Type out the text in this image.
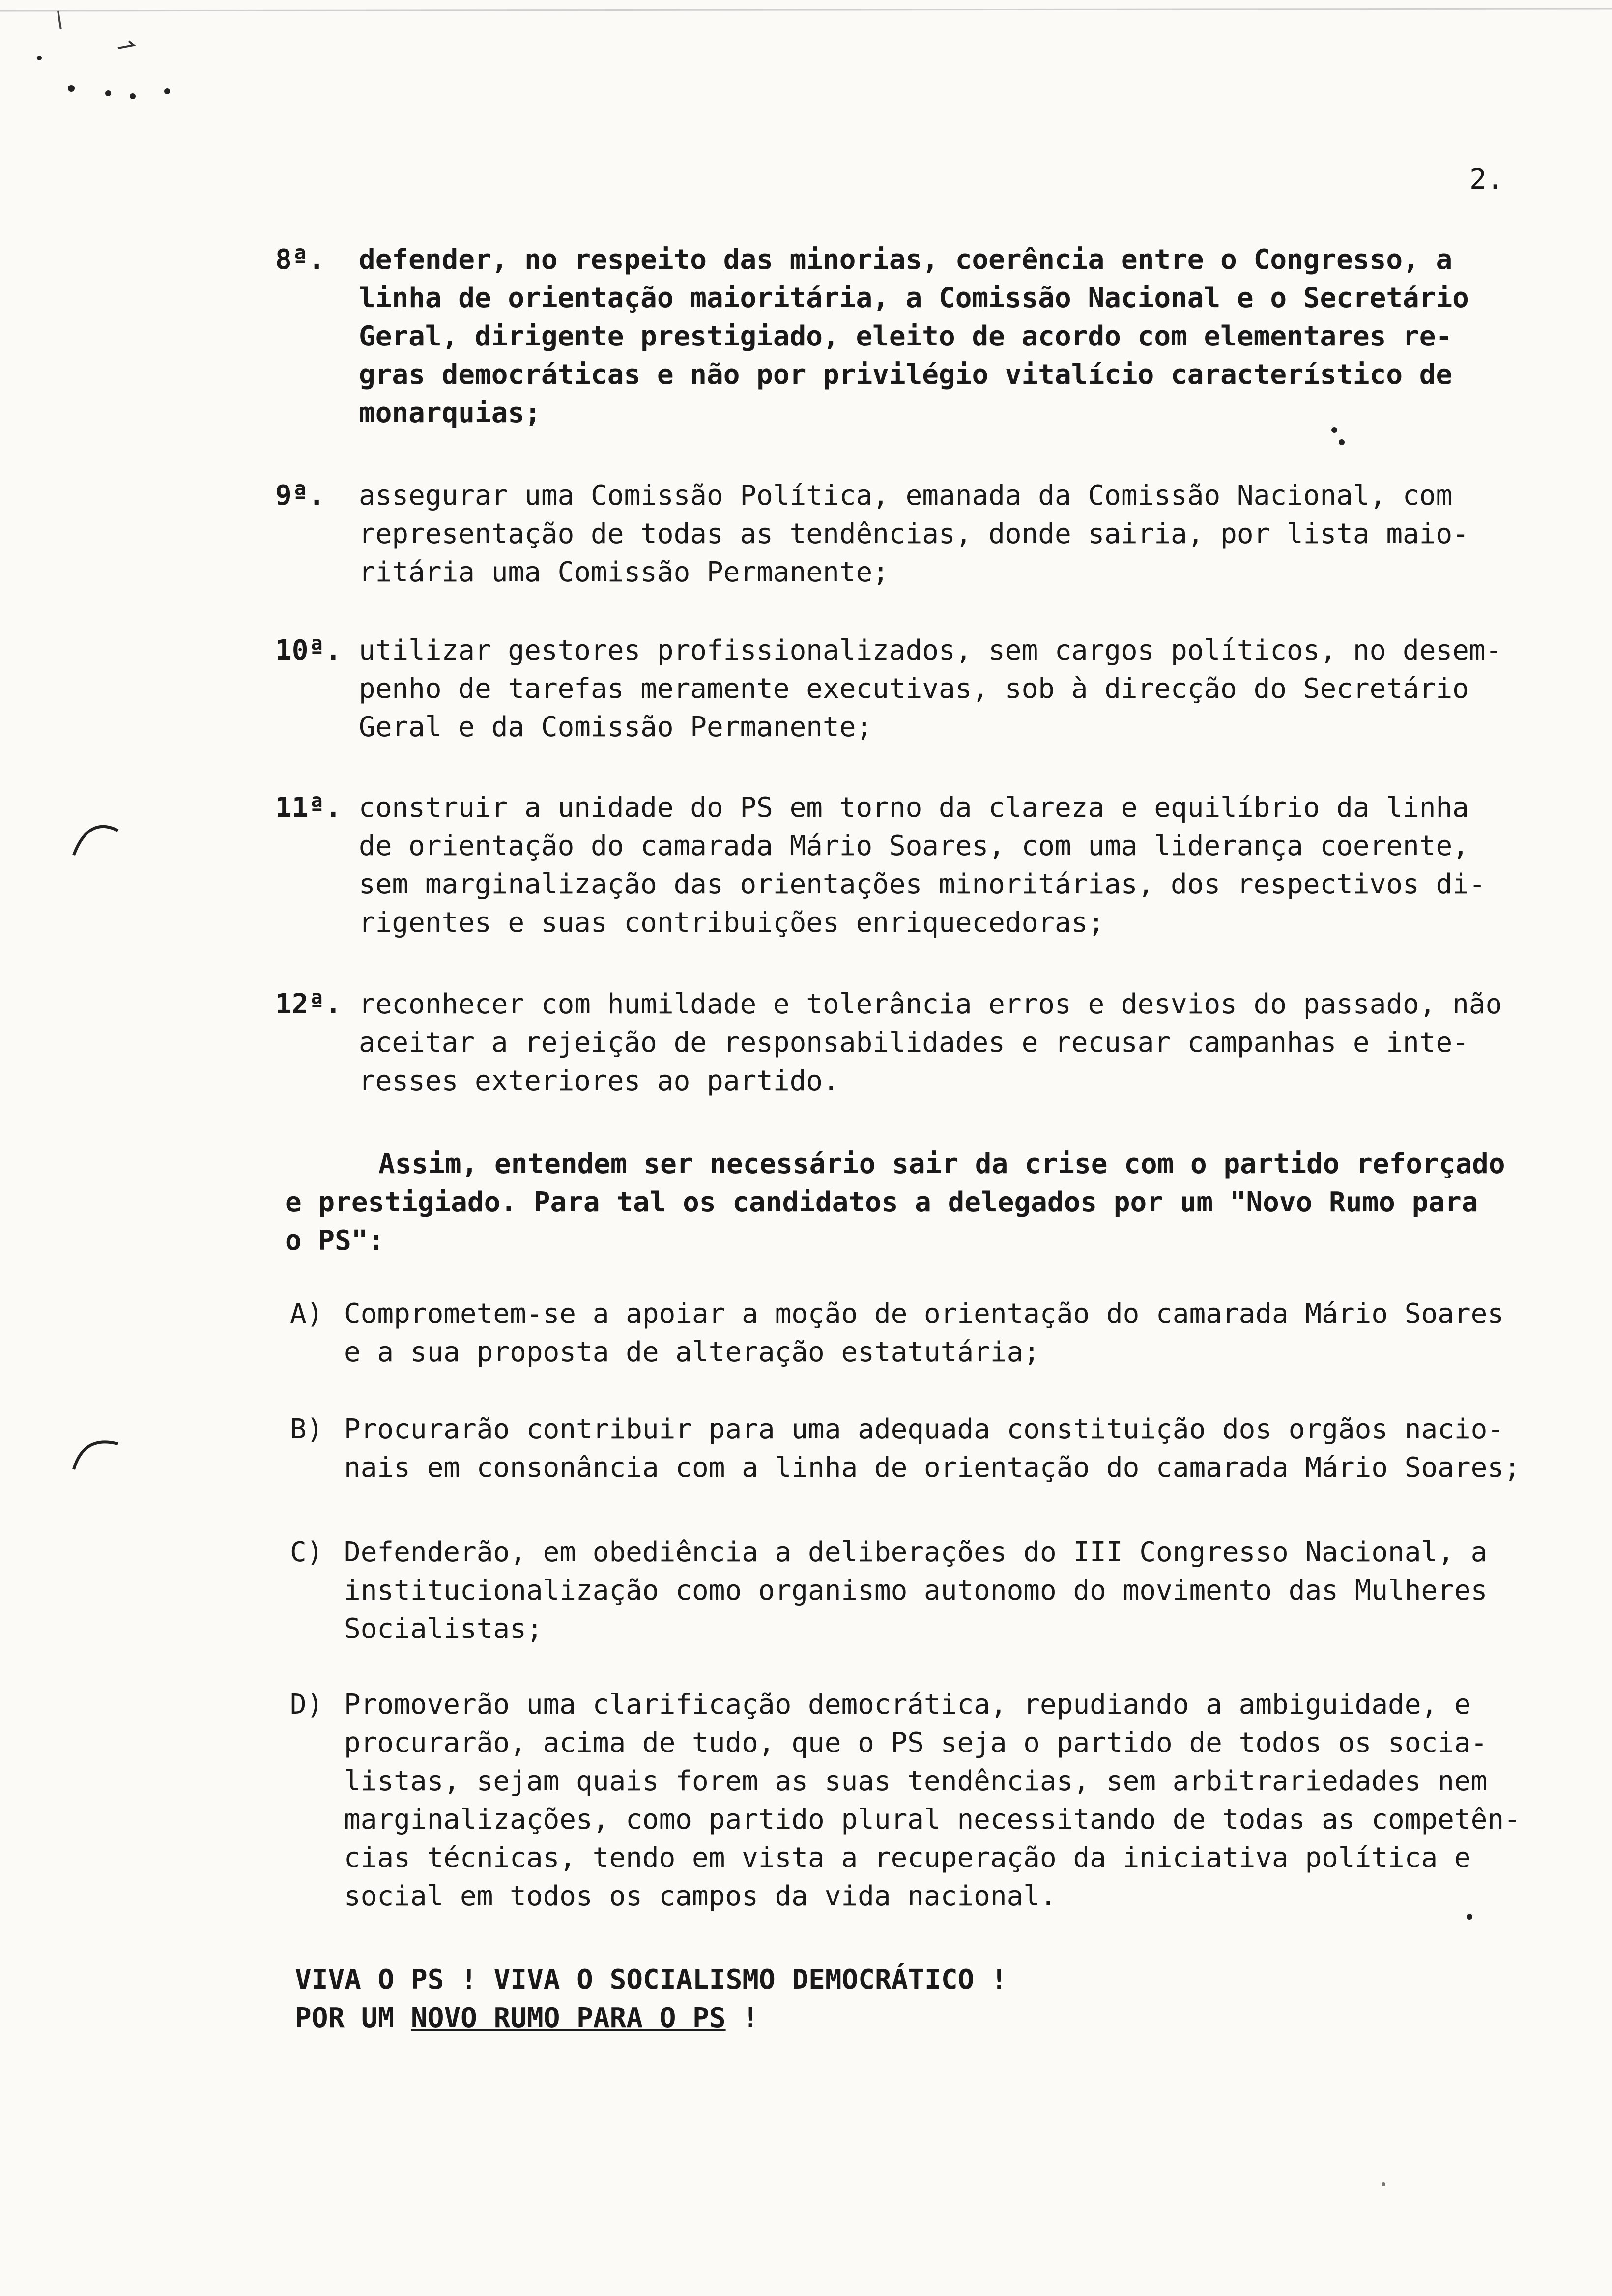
2.
8ª. defender, no respeito das minorias, coerência entre o Congresso, a
linha de orientação maioritária, a Comissão Nacional e o Secretário
Geral, dirigente prestigiado, eleito de acordo com elementares re-
gras democráticas e não por privilégio vitalício característico de
monarquias;
9ª. assegurar uma Comissão Política, emanada da Comissão Nacional, com
representação de todas as tendências, donde sairia, por lista maio-
ritária uma Comissão Permanente;
10ª. utilizar gestores profissionalizados, sem cargos políticos, no desem-
penho de tarefas meramente executivas, sob à direcção do Secretário
Geral e da Comissão Permanente;
11ª. construir a unidade do PS em torno da clareza e equilíbrio da linha
de orientação do camarada Mário Soares, com uma liderança coerente,
sem marginalização das orientações minoritárias, dos respectivos di-
rigentes e suas contribuições enriquecedoras;
12ª. reconhecer com humildade e tolerância erros e desvios do passado, não
aceitar a rejeição de responsabilidades e recusar campanhas e inte-
resses exteriores ao partido.
Assim, entendem ser necessário sair da crise com o partido reforçado
e prestigiado. Para tal os candidatos a delegados por um "Novo Rumo para
o PS":
A) Comprometem-se a apoiar a moção de orientação do camarada Mário Soares
e a sua proposta de alteração estatutária;
B) Procurarão contribuir para uma adequada constituição dos orgãos nacio-
nais em consonância com a linha de orientação do camarada Mário Soares;
C) Defenderão, em obediência a deliberações do III Congresso Nacional, a
institucionalização como organismo autonomo do movimento das Mulheres
Socialistas;
D) Promoverão uma clarificação democrática, repudiando a ambiguidade, e
procurarão, acima de tudo, que o PS seja o partido de todos os socia-
listas, sejam quais forem as suas tendências, sem arbitrariedades nem
marginalizações, como partido plural necessitando de todas as competên-
cias técnicas, tendo em vista a recuperação da iniciativa política e
social em todos os campos da vida nacional.
VIVA O PS ! VIVA O SOCIALISMO DEMOCRÁTICO !
POR UM NOVO RUMO PARA O PS !
